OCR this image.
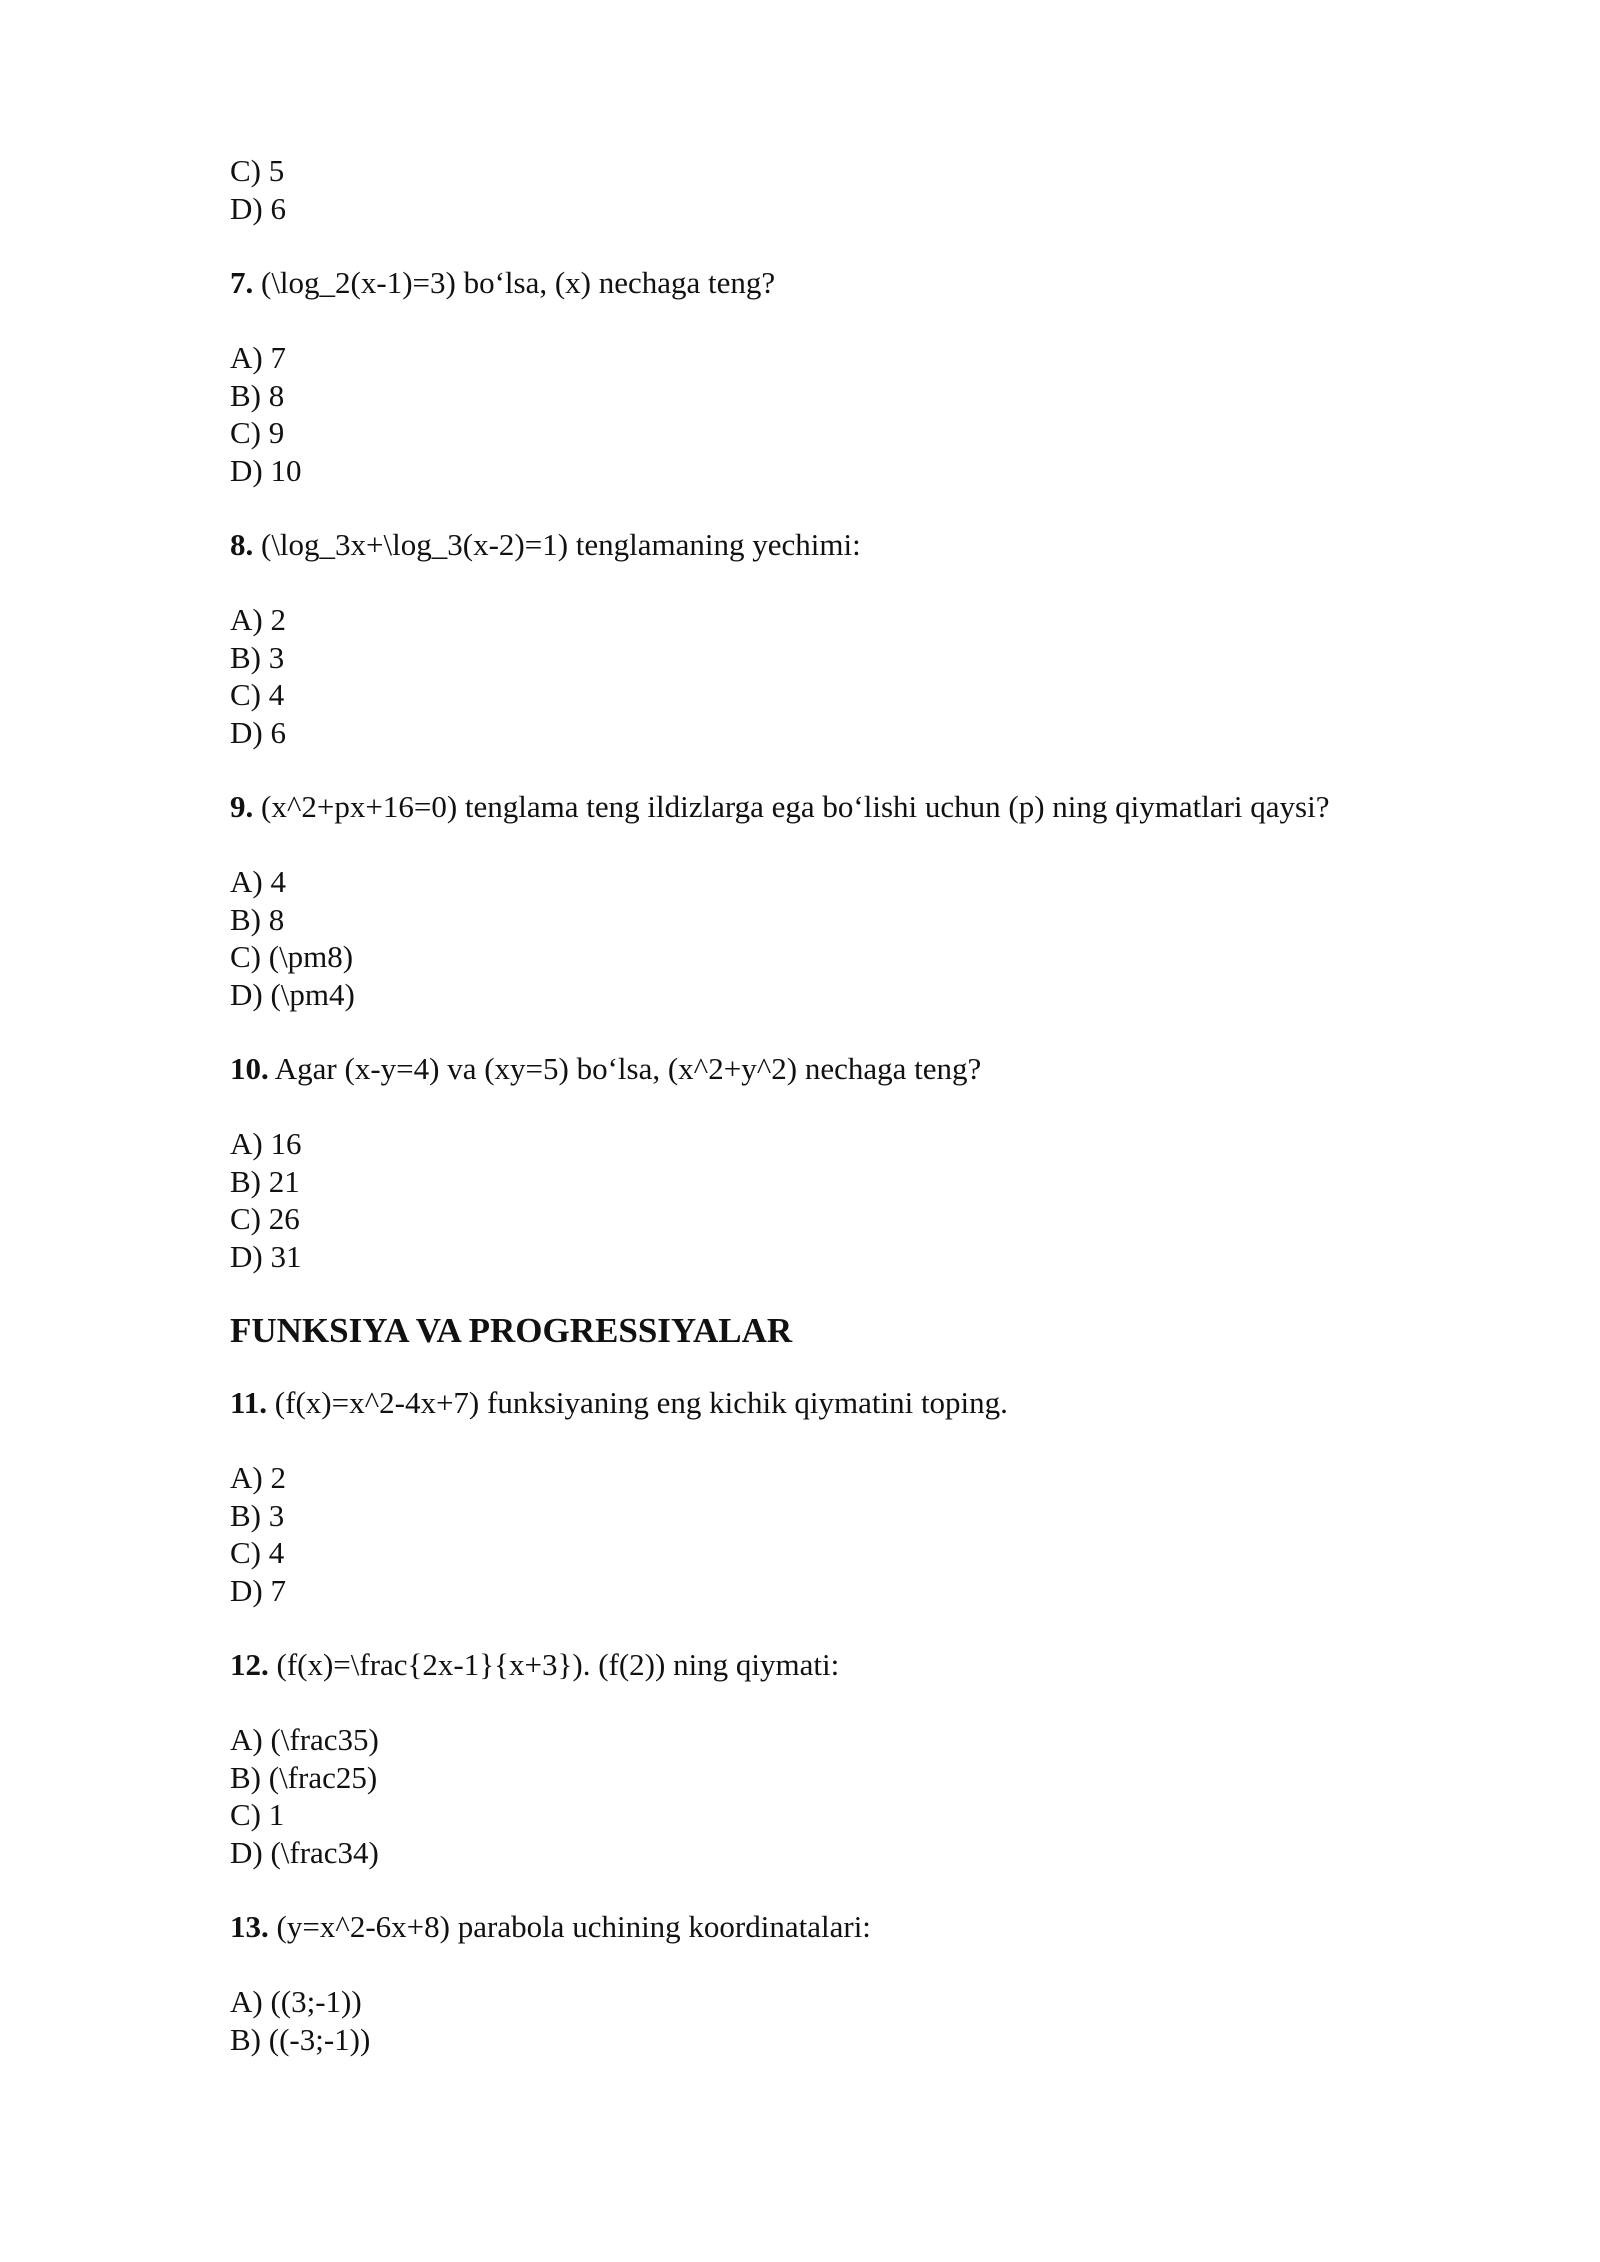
C) 5
D) 6
7. (\log_2(x-1)=3) bo‘lsa, (x) nechaga teng?
A) 7
B) 8
C) 9
D) 10
8. (\log_3x+\log_3(x-2)=1) tenglamaning yechimi:
A) 2
B) 3
C) 4
D) 6
9. (x^2+px+16=0) tenglama teng ildizlarga ega bo‘lishi uchun (p) ning qiymatlari qaysi?
A) 4
B) 8
C) (\pm8)
D) (\pm4)
10. Agar (x-y=4) va (xy=5) bo‘lsa, (x^2+y^2) nechaga teng?
A) 16
B) 21
C) 26
D) 31
FUNKSIYA VA PROGRESSIYALAR
11. (f(x)=x^2-4x+7) funksiyaning eng kichik qiymatini toping.
A) 2
B) 3
C) 4
D) 7
12. (f(x)=\frac{2x-1}{x+3}). (f(2)) ning qiymati:
A) (\frac35)
B) (\frac25)
C) 1
D) (\frac34)
13. (y=x^2-6x+8) parabola uchining koordinatalari:
A) ((3;-1))
B) ((-3;-1))
